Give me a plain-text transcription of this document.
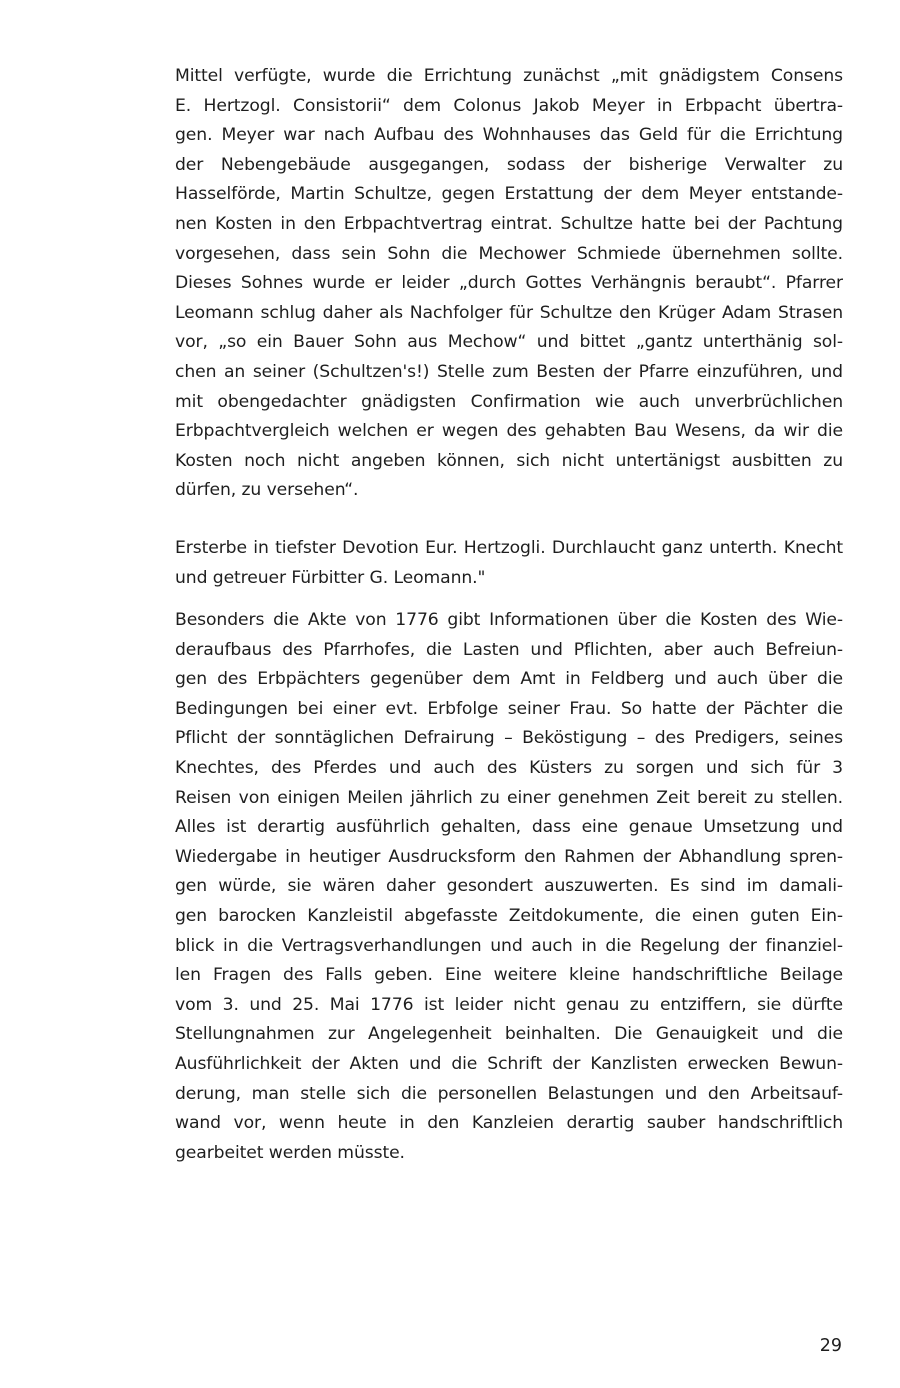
Mittel verfügte, wurde die Errichtung zunächst „mit gnädigstem Consens
E. Hertzogl. Consistorii“ dem Colonus Jakob Meyer in Erbpacht übertra-
gen. Meyer war nach Aufbau des Wohnhauses das Geld für die Errichtung
der Nebengebäude ausgegangen, sodass der bisherige Verwalter zu
Hasselförde, Martin Schultze, gegen Erstattung der dem Meyer entstande-
nen Kosten in den Erbpachtvertrag eintrat. Schultze hatte bei der Pachtung
vorgesehen, dass sein Sohn die Mechower Schmiede übernehmen sollte.
Dieses Sohnes wurde er leider „durch Gottes Verhängnis beraubt“. Pfarrer
Leomann schlug daher als Nachfolger für Schultze den Krüger Adam Strasen
vor, „so ein Bauer Sohn aus Mechow“ und bittet „gantz unterthänig sol-
chen an seiner (Schultzen's!) Stelle zum Besten der Pfarre einzuführen, und
mit obengedachter gnädigsten Confirmation wie auch unverbrüchlichen
Erbpachtvergleich welchen er wegen des gehabten Bau Wesens, da wir die
Kosten noch nicht angeben können, sich nicht untertänigst ausbitten zu
dürfen, zu versehen“.
Ersterbe in tiefster Devotion Eur. Hertzogli. Durchlaucht ganz unterth. Knecht
und getreuer Fürbitter G. Leomann."
Besonders die Akte von 1776 gibt Informationen über die Kosten des Wie-
deraufbaus des Pfarrhofes, die Lasten und Pflichten, aber auch Befreiun-
gen des Erbpächters gegenüber dem Amt in Feldberg und auch über die
Bedingungen bei einer evt. Erbfolge seiner Frau. So hatte der Pächter die
Pflicht der sonntäglichen Defrairung – Beköstigung – des Predigers, seines
Knechtes, des Pferdes und auch des Küsters zu sorgen und sich für 3
Reisen von einigen Meilen jährlich zu einer genehmen Zeit bereit zu stellen.
Alles ist derartig ausführlich gehalten, dass eine genaue Umsetzung und
Wiedergabe in heutiger Ausdrucksform den Rahmen der Abhandlung spren-
gen würde, sie wären daher gesondert auszuwerten. Es sind im damali-
gen barocken Kanzleistil abgefasste Zeitdokumente, die einen guten Ein-
blick in die Vertragsverhandlungen und auch in die Regelung der finanziel-
len Fragen des Falls geben. Eine weitere kleine handschriftliche Beilage
vom 3. und 25. Mai 1776 ist leider nicht genau zu entziffern, sie dürfte
Stellungnahmen zur Angelegenheit beinhalten. Die Genauigkeit und die
Ausführlichkeit der Akten und die Schrift der Kanzlisten erwecken Bewun-
derung, man stelle sich die personellen Belastungen und den Arbeitsauf-
wand vor, wenn heute in den Kanzleien derartig sauber handschriftlich
gearbeitet werden müsste.
29
